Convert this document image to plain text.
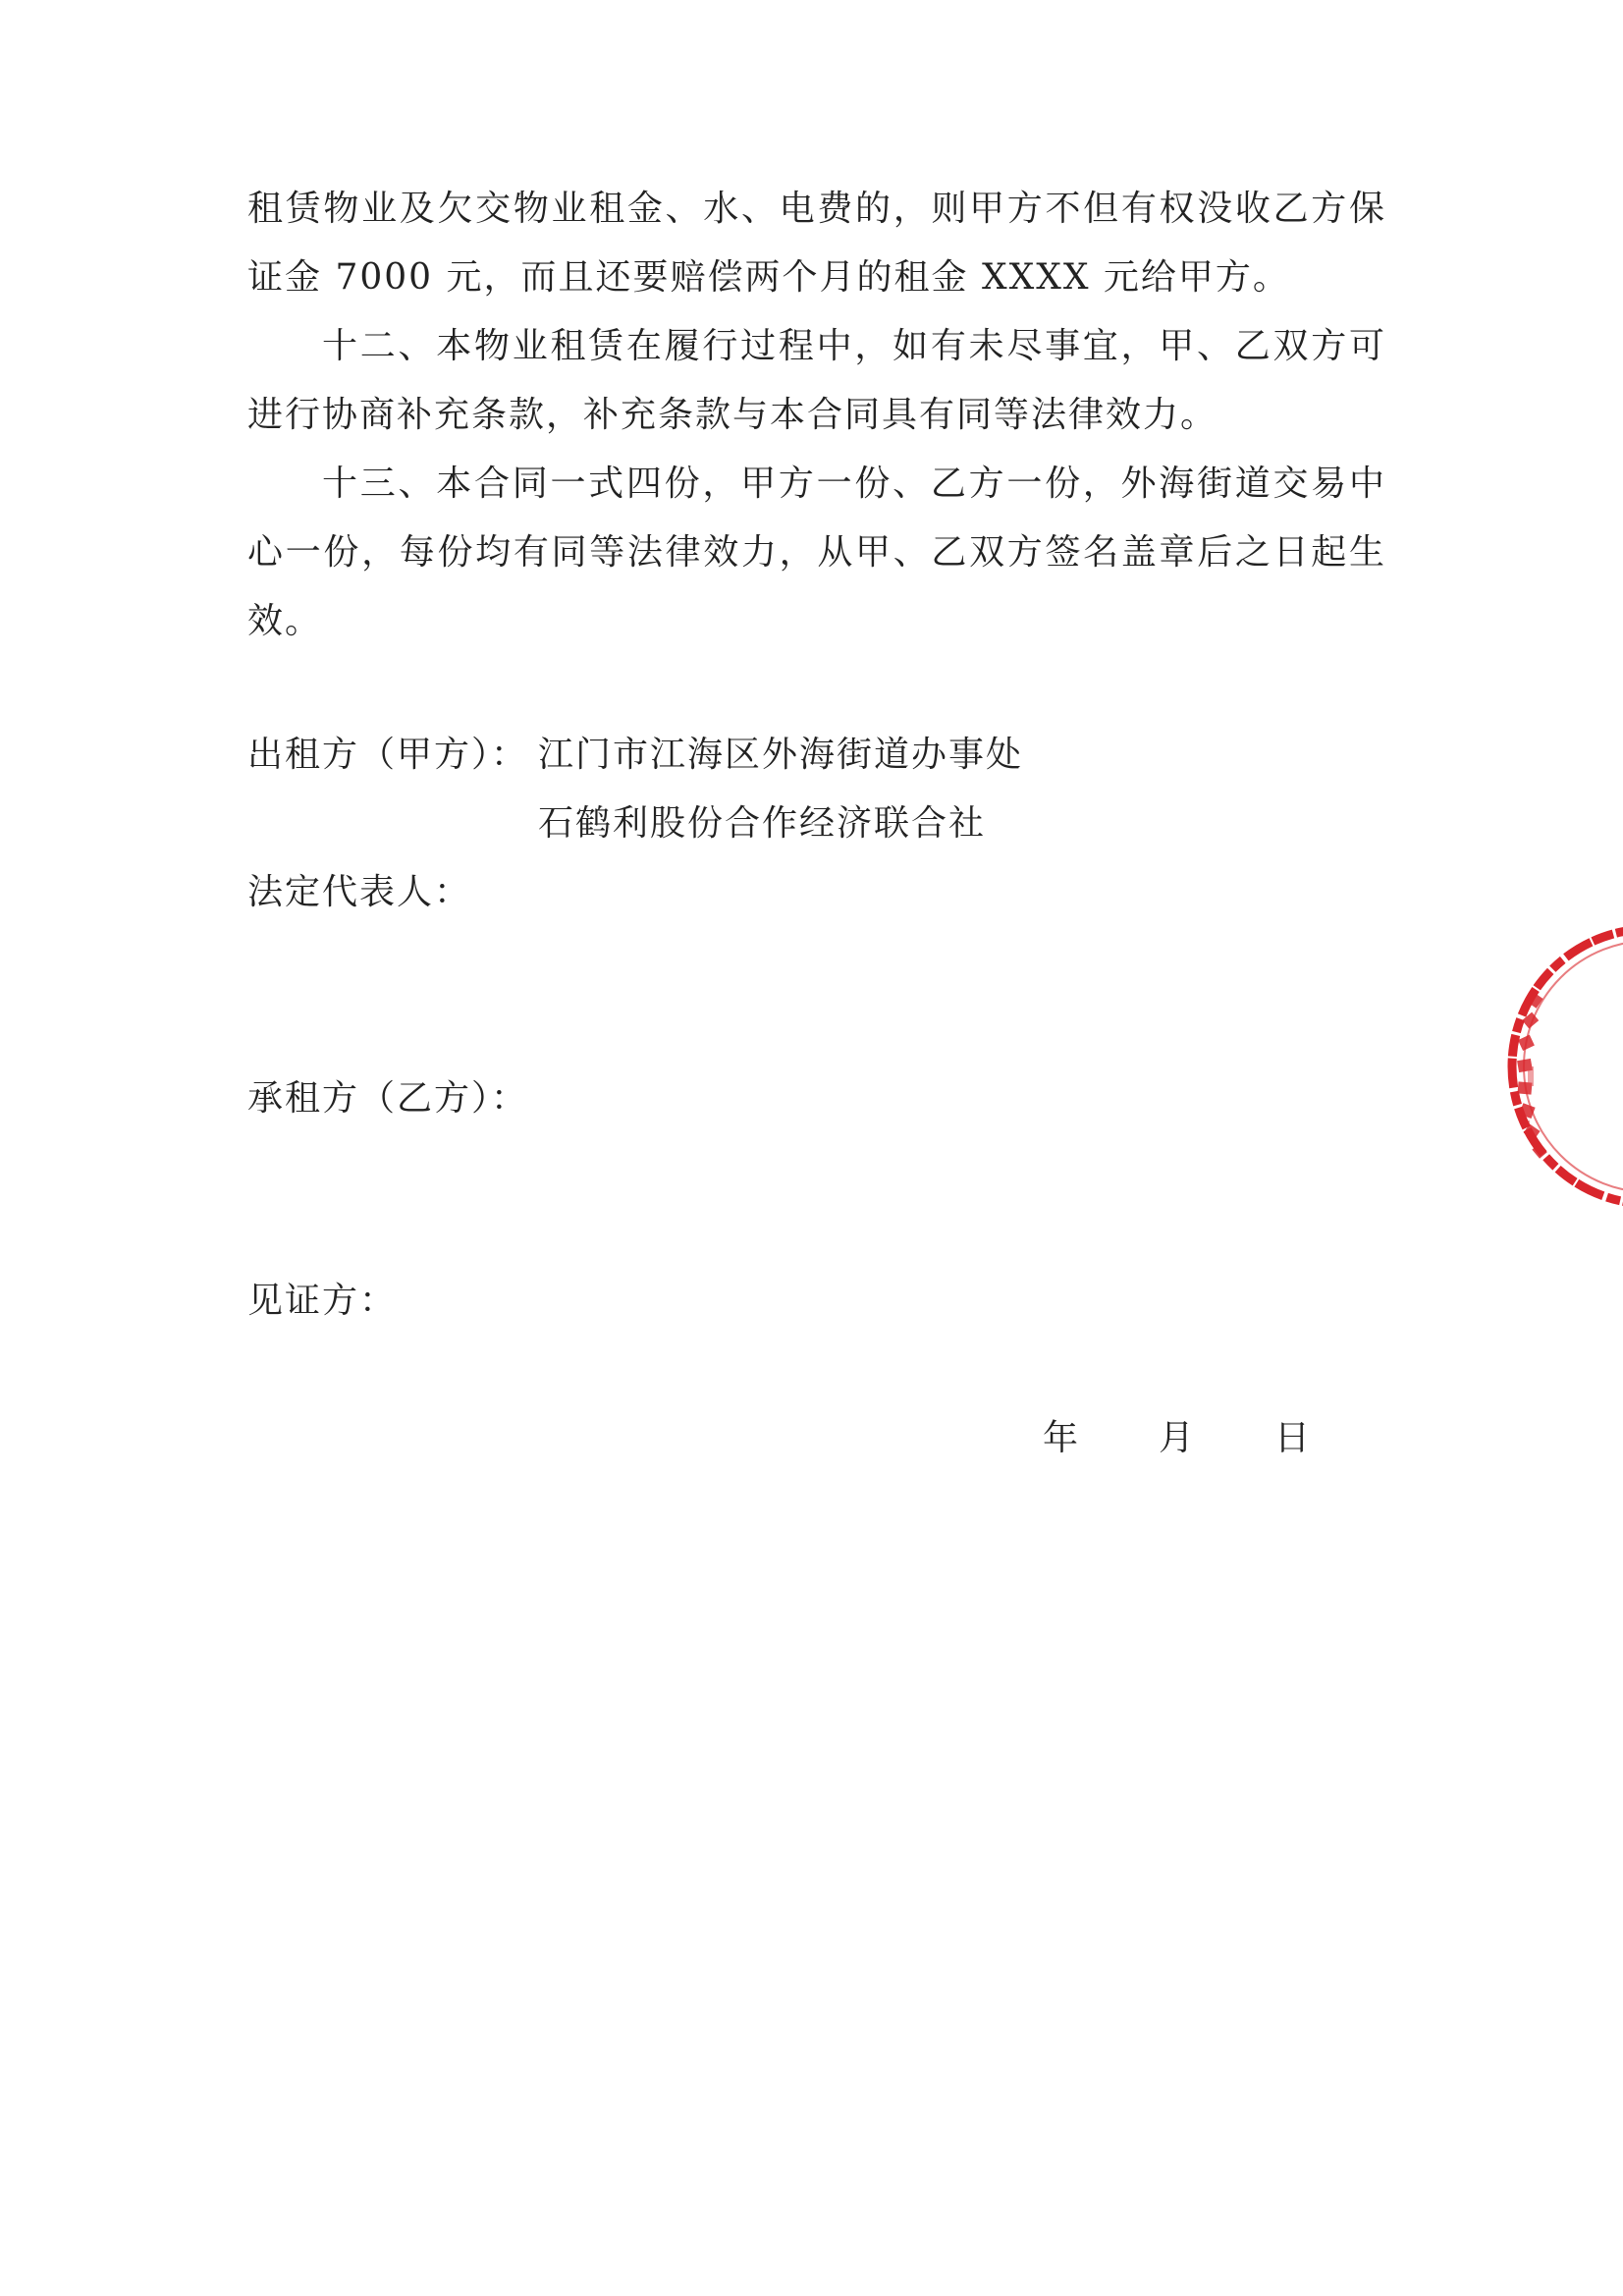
租赁物业及欠交物业租金、水、电费的，则甲方不但有权没收乙方保证金 7000 元，而且还要赔偿两个月的租金 XXXX 元给甲方。

十二、本物业租赁在履行过程中，如有未尽事宜，甲、乙双方可进行协商补充条款，补充条款与本合同具有同等法律效力。

十三、本合同一式四份，甲方一份、乙方一份，外海街道交易中心一份，每份均有同等法律效力，从甲、乙双方签名盖章后之日起生效。

出租方（甲方）： 江门市江海区外海街道办事处
石鹤利股份合作经济联合社
法定代表人：
承租方（乙方）：
见证方：
年 月 日
